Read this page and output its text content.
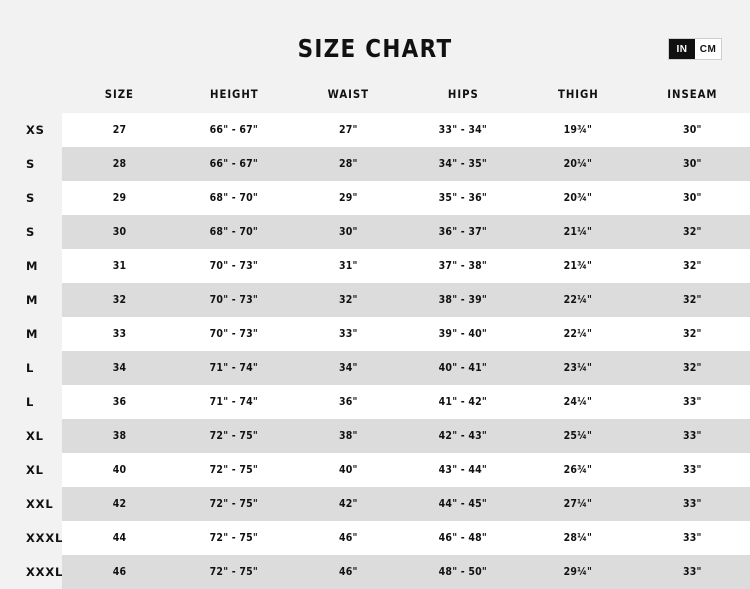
SIZE CHART	IN	CM
	SIZE	HEIGHT	WAIST	HIPS	THIGH	INSEAM
XS	27	66" - 67"	27"	33" - 34"	19¾"	30"
S	28	66" - 67"	28"	34" - 35"	20¼"	30"
S	29	68" - 70"	29"	35" - 36"	20¾"	30"
S	30	68" - 70"	30"	36" - 37"	21¼"	32"
M	31	70" - 73"	31"	37" - 38"	21¾"	32"
M	32	70" - 73"	32"	38" - 39"	22¼"	32"
M	33	70" - 73"	33"	39" - 40"	22¼"	32"
L	34	71" - 74"	34"	40" - 41"	23¼"	32"
L	36	71" - 74"	36"	41" - 42"	24¼"	33"
XL	38	72" - 75"	38"	42" - 43"	25¼"	33"
XL	40	72" - 75"	40"	43" - 44"	26¾"	33"
XXL	42	72" - 75"	42"	44" - 45"	27¼"	33"
XXXL	44	72" - 75"	46"	46" - 48"	28¼"	33"
XXXL	46	72" - 75"	46"	48" - 50"	29¼"	33"
